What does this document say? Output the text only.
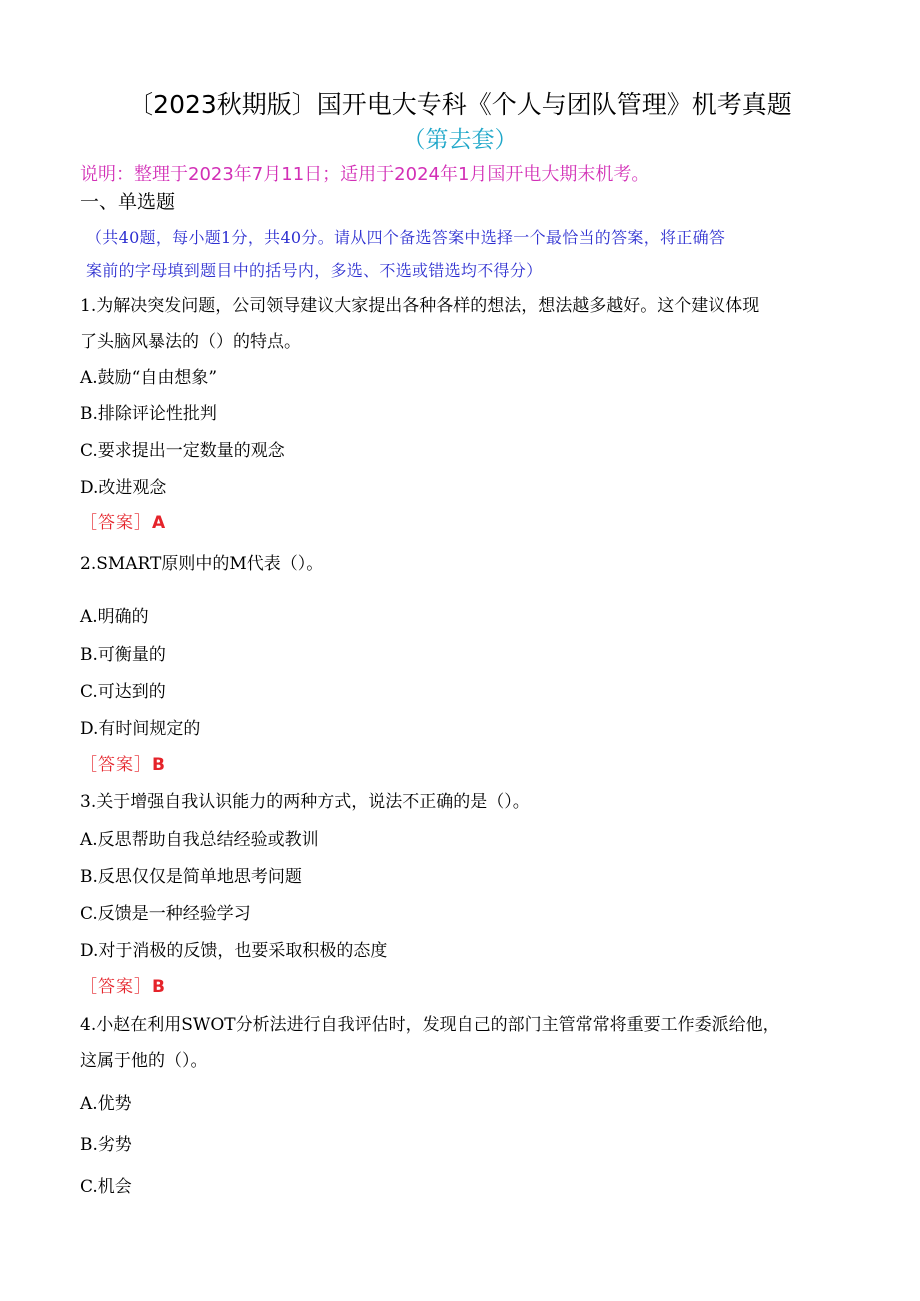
〔2023秋期版〕国开电大专科《个人与团队管理》机考真题
（第去套）
说明：整理于2023年7月11日；适用于2024年1月国开电大期末机考。
一、单选题
（共40题，每小题1分，共40分。请从四个备选答案中选择一个最恰当的答案，将正确答
案前的字母填到题目中的括号内，多选、不选或错选均不得分）
1.为解决突发问题，公司领导建议大家提出各种各样的想法，想法越多越好。这个建议体现
了头脑风暴法的（）的特点。
A.鼓励“自由想象”
B.排除评论性批判
C.要求提出一定数量的观念
D.改进观念
［答案］A
2.SMART原则中的M代表（）。
A.明确的
B.可衡量的
C.可达到的
D.有时间规定的
［答案］B
3.关于增强自我认识能力的两种方式，说法不正确的是（）。
A.反思帮助自我总结经验或教训
B.反思仅仅是简单地思考问题
C.反馈是一种经验学习
D.对于消极的反馈，也要采取积极的态度
［答案］B
4.小赵在利用SWOT分析法进行自我评估时，发现自己的部门主管常常将重要工作委派给他，
这属于他的（）。
A.优势
B.劣势
C.机会
